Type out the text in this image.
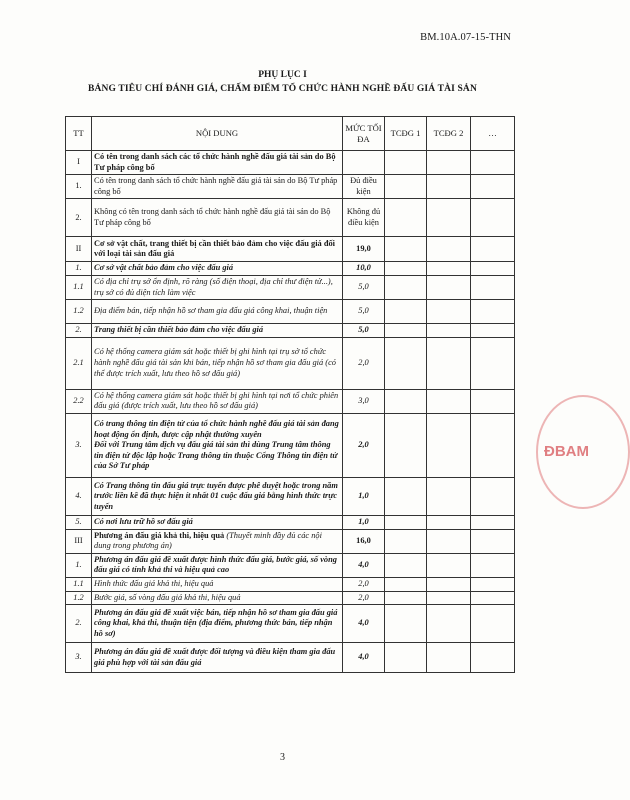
BM.10A.07-15-THN
PHỤ LỤC I
BẢNG TIÊU CHÍ ĐÁNH GIÁ, CHẤM ĐIỂM TỔ CHỨC HÀNH NGHỀ ĐẤU GIÁ TÀI SẢN
TT	NỘI DUNG	MỨC TỐI ĐA	TCĐG 1	TCĐG 2	…
I	Có tên trong danh sách các tổ chức hành nghề đấu giá tài sản do Bộ Tư pháp công bố				
1.	Có tên trong danh sách tổ chức hành nghề đấu giá tài sản do Bộ Tư pháp công bố	Đủ điều kiện			
2.	Không có tên trong danh sách tổ chức hành nghề đấu giá tài sản do Bộ Tư pháp công bố	Không đủ điều kiện			
II	Cơ sở vật chất, trang thiết bị cần thiết bảo đảm cho việc đấu giá đối với loại tài sản đấu giá	19,0			
1.	Cơ sở vật chất bảo đảm cho việc đấu giá	10,0			
1.1	Có địa chỉ trụ sở ổn định, rõ ràng (số điện thoại, địa chỉ thư điện tử...), trụ sở có đủ diện tích làm việc	5,0			
1.2	Địa điểm bán, tiếp nhận hồ sơ tham gia đấu giá công khai, thuận tiện	5,0			
2.	Trang thiết bị cần thiết bảo đảm cho việc đấu giá	5,0			
2.1	Có hệ thống camera giám sát hoặc thiết bị ghi hình tại trụ sở tổ chức hành nghề đấu giá tài sản khi bán, tiếp nhận hồ sơ tham gia đấu giá (có thể được trích xuất, lưu theo hồ sơ đấu giá)	2,0			
2.2	Có hệ thống camera giám sát hoặc thiết bị ghi hình tại nơi tổ chức phiên đấu giá (được trích xuất, lưu theo hồ sơ đấu giá)	3,0			
3.	Có trang thông tin điện tử của tổ chức hành nghề đấu giá tài sản đang hoạt động ổn định, được cập nhật thường xuyên
Đối với Trung tâm dịch vụ đấu giá tài sản thì dùng Trung tâm thông tin điện tử độc lập hoặc Trang thông tin thuộc Cổng Thông tin điện tử của Sở Tư pháp	2,0			
4.	Có Trang thông tin đấu giá trực tuyến được phê duyệt hoặc trong năm trước liền kề đã thực hiện ít nhất 01 cuộc đấu giá bằng hình thức trực tuyến	1,0			
5.	Có nơi lưu trữ hồ sơ đấu giá	1,0			
III	Phương án đấu giá khả thi, hiệu quả (Thuyết minh đầy đủ các nội dung trong phương án)	16,0			
1.	Phương án đấu giá đề xuất được hình thức đấu giá, bước giá, số vòng đấu giá có tính khả thi và hiệu quả cao	4,0			
1.1	Hình thức đấu giá khả thi, hiệu quả	2,0			
1.2	Bước giá, số vòng đấu giá khả thi, hiệu quả	2,0			
2.	Phương án đấu giá đề xuất việc bán, tiếp nhận hồ sơ tham gia đấu giá công khai, khả thi, thuận tiện (địa điểm, phương thức bán, tiếp nhận hồ sơ)	4,0			
3.	Phương án đấu giá đề xuất được đối tượng và điều kiện tham gia đấu giá phù hợp với tài sản đấu giá	4,0			
3
ĐBAM
